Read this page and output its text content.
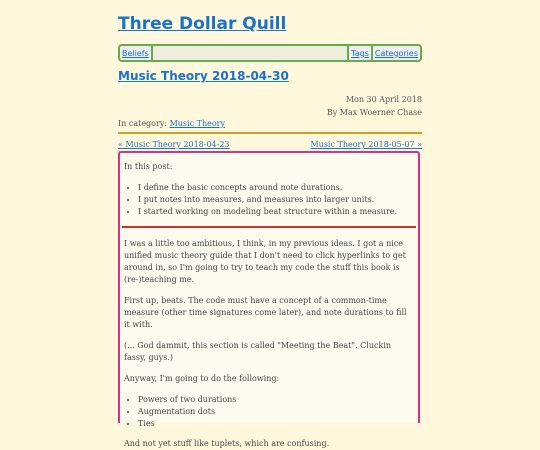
Three Dollar Quill
Beliefs	Tags Categories
Music Theory 2018-04-30
Mon 30 April 2018
By Max Woerner Chase
In category: Music Theory
« Music Theory 2018-04-23	Music Theory 2018-05-07 »

In this post:

• I define the basic concepts around note durations.
• I put notes into measures, and measures into larger units.
• I started working on modeling beat structure within a measure.

I was a little too ambitious, I think, in my previous ideas. I got a nice unified music theory guide that I don't need to click hyperlinks to get around in, so I'm going to try to teach my code the stuff this book is (re-)teaching me.

First up, beats. The code must have a concept of a common-time measure (other time signatures come later), and note durations to fill it with.

(... God dammit, this section is called "Meeting the Beat". Cluckin fassy, guys.)

Anyway, I'm going to do the following:

• Powers of two durations
• Augmentation dots
• Ties

And not yet stuff like tuplets, which are confusing.
